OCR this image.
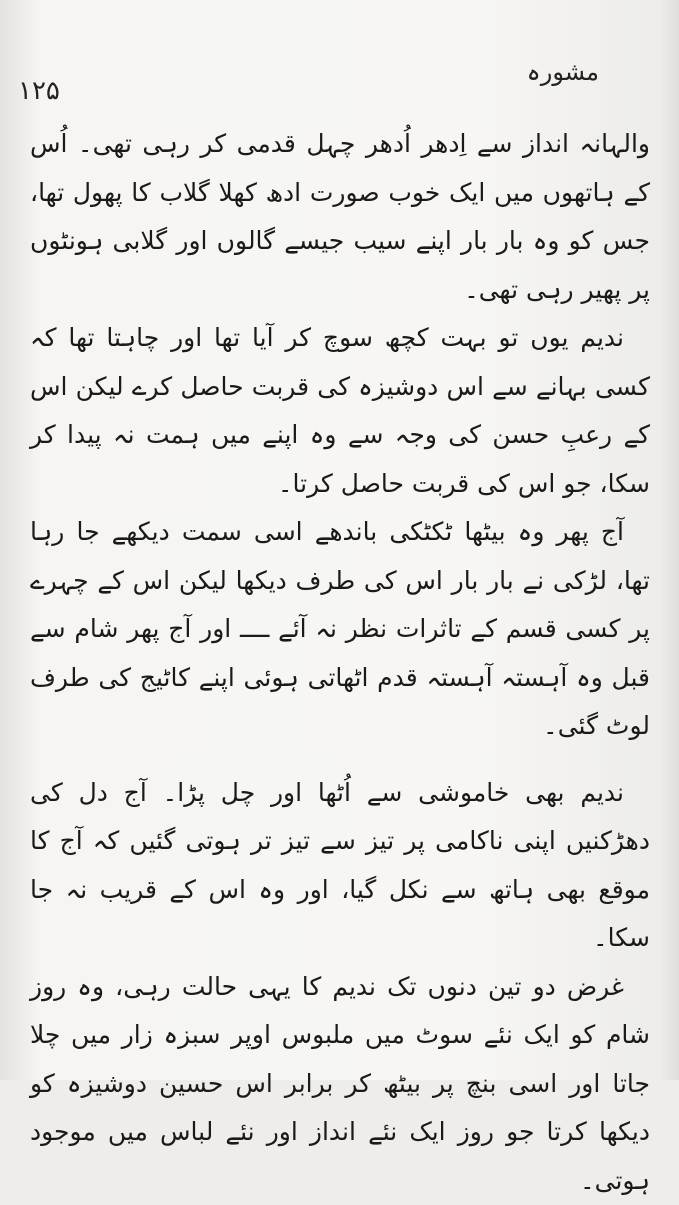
۱۲۵
مشورہ

والہانہ انداز سے اِدھر اُدھر چہل قدمی کر رہی تھی۔ اُس کے ہاتھوں میں ایک خوب صورت ادھ کھلا گلاب کا پھول تھا، جس کو وہ بار بار اپنے سیب جیسے گالوں اور گلابی ہونٹوں پر پھیر رہی تھی۔

ندیم یوں تو بہت کچھ سوچ کر آیا تھا اور چاہتا تھا کہ کسی بہانے سے اس دوشیزہ کی قربت حاصل کرے لیکن اس کے رعبِ حسن کی وجہ سے وہ اپنے میں ہمت نہ پیدا کر سکا، جو اس کی قربت حاصل کرتا۔

آج پھر وہ بیٹھا ٹکٹکی باندھے اسی سمت دیکھے جا رہا تھا، لڑکی نے بار بار اس کی طرف دیکھا لیکن اس کے چہرے پر کسی قسم کے تاثرات نظر نہ آئے ــــ اور آج پھر شام سے قبل وہ آہستہ آہستہ قدم اٹھاتی ہوئی اپنے کاٹیج کی طرف لوٹ گئی۔

ندیم بھی خاموشی سے اُٹھا اور چل پڑا۔ آج دل کی دھڑکنیں اپنی ناکامی پر تیز سے تیز تر ہوتی گئیں کہ آج کا موقع بھی ہاتھ سے نکل گیا، اور وہ اس کے قریب نہ جا سکا۔

غرض دو تین دنوں تک ندیم کا یہی حالت رہی، وہ روز شام کو ایک نئے سوٹ میں ملبوس اوپر سبزہ زار میں چلا جاتا اور اسی بنچ پر بیٹھ کر برابر اس حسین دوشیزہ کو دیکھا کرتا جو روز ایک نئے انداز اور نئے لباس میں موجود ہوتی۔
